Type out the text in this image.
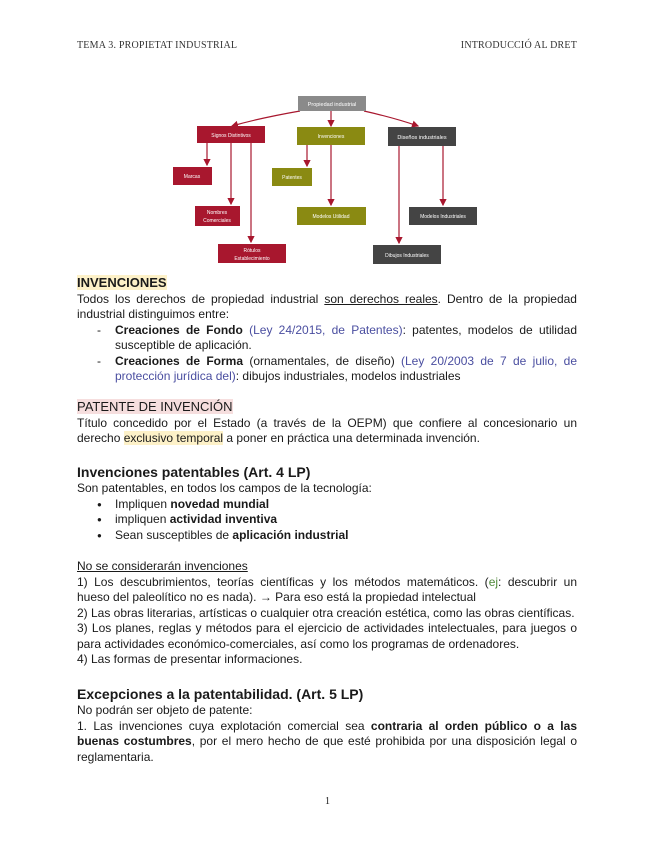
TEMA 3. PROPIETAT INDUSTRIAL	INTRODUCCIÓ AL DRET
Propiedad industrial
Signos Distintivos	Invenciones	Diseños industriales
Marcas
Nombres
Comerciales
Rótulos
Establecimiento
Patentes
Modelos Utilidad	Modelos Industriales
Dibujos Industriales

INVENCIONES

Todos los derechos de propiedad industrial son derechos reales. Dentro de la propiedad industrial distinguimos entre:

- Creaciones de Fondo (Ley 24/2015, de Patentes): patentes, modelos de utilidad susceptible de aplicación.
- Creaciones de Forma (ornamentales, de diseño) (Ley 20/2003 de 7 de julio, de protección jurídica del): dibujos industriales, modelos industriales

PATENTE DE INVENCIÓN

Título concedido por el Estado (a través de la OEPM) que confiere al concesionario un derecho exclusivo temporal a poner en práctica una determinada invención.

Invenciones patentables (Art. 4 LP)

Son patentables, en todos los campos de la tecnología:

● Impliquen novedad mundial
● impliquen actividad inventiva
● Sean susceptibles de aplicación industrial

No se considerarán invenciones

1) Los descubrimientos, teorías científicas y los métodos matemáticos. (ej: descubrir un hueso del paleolítico no es nada). → Para eso está la propiedad intelectual

2) Las obras literarias, artísticas o cualquier otra creación estética, como las obras científicas.

3) Los planes, reglas y métodos para el ejercicio de actividades intelectuales, para juegos o para actividades económico-comerciales, así como los programas de ordenadores.

4) Las formas de presentar informaciones.

Excepciones a la patentabilidad. (Art. 5 LP)

No podrán ser objeto de patente:

1. Las invenciones cuya explotación comercial sea contraria al orden público o a las buenas costumbres, por el mero hecho de que esté prohibida por una disposición legal o reglamentaria.

1
